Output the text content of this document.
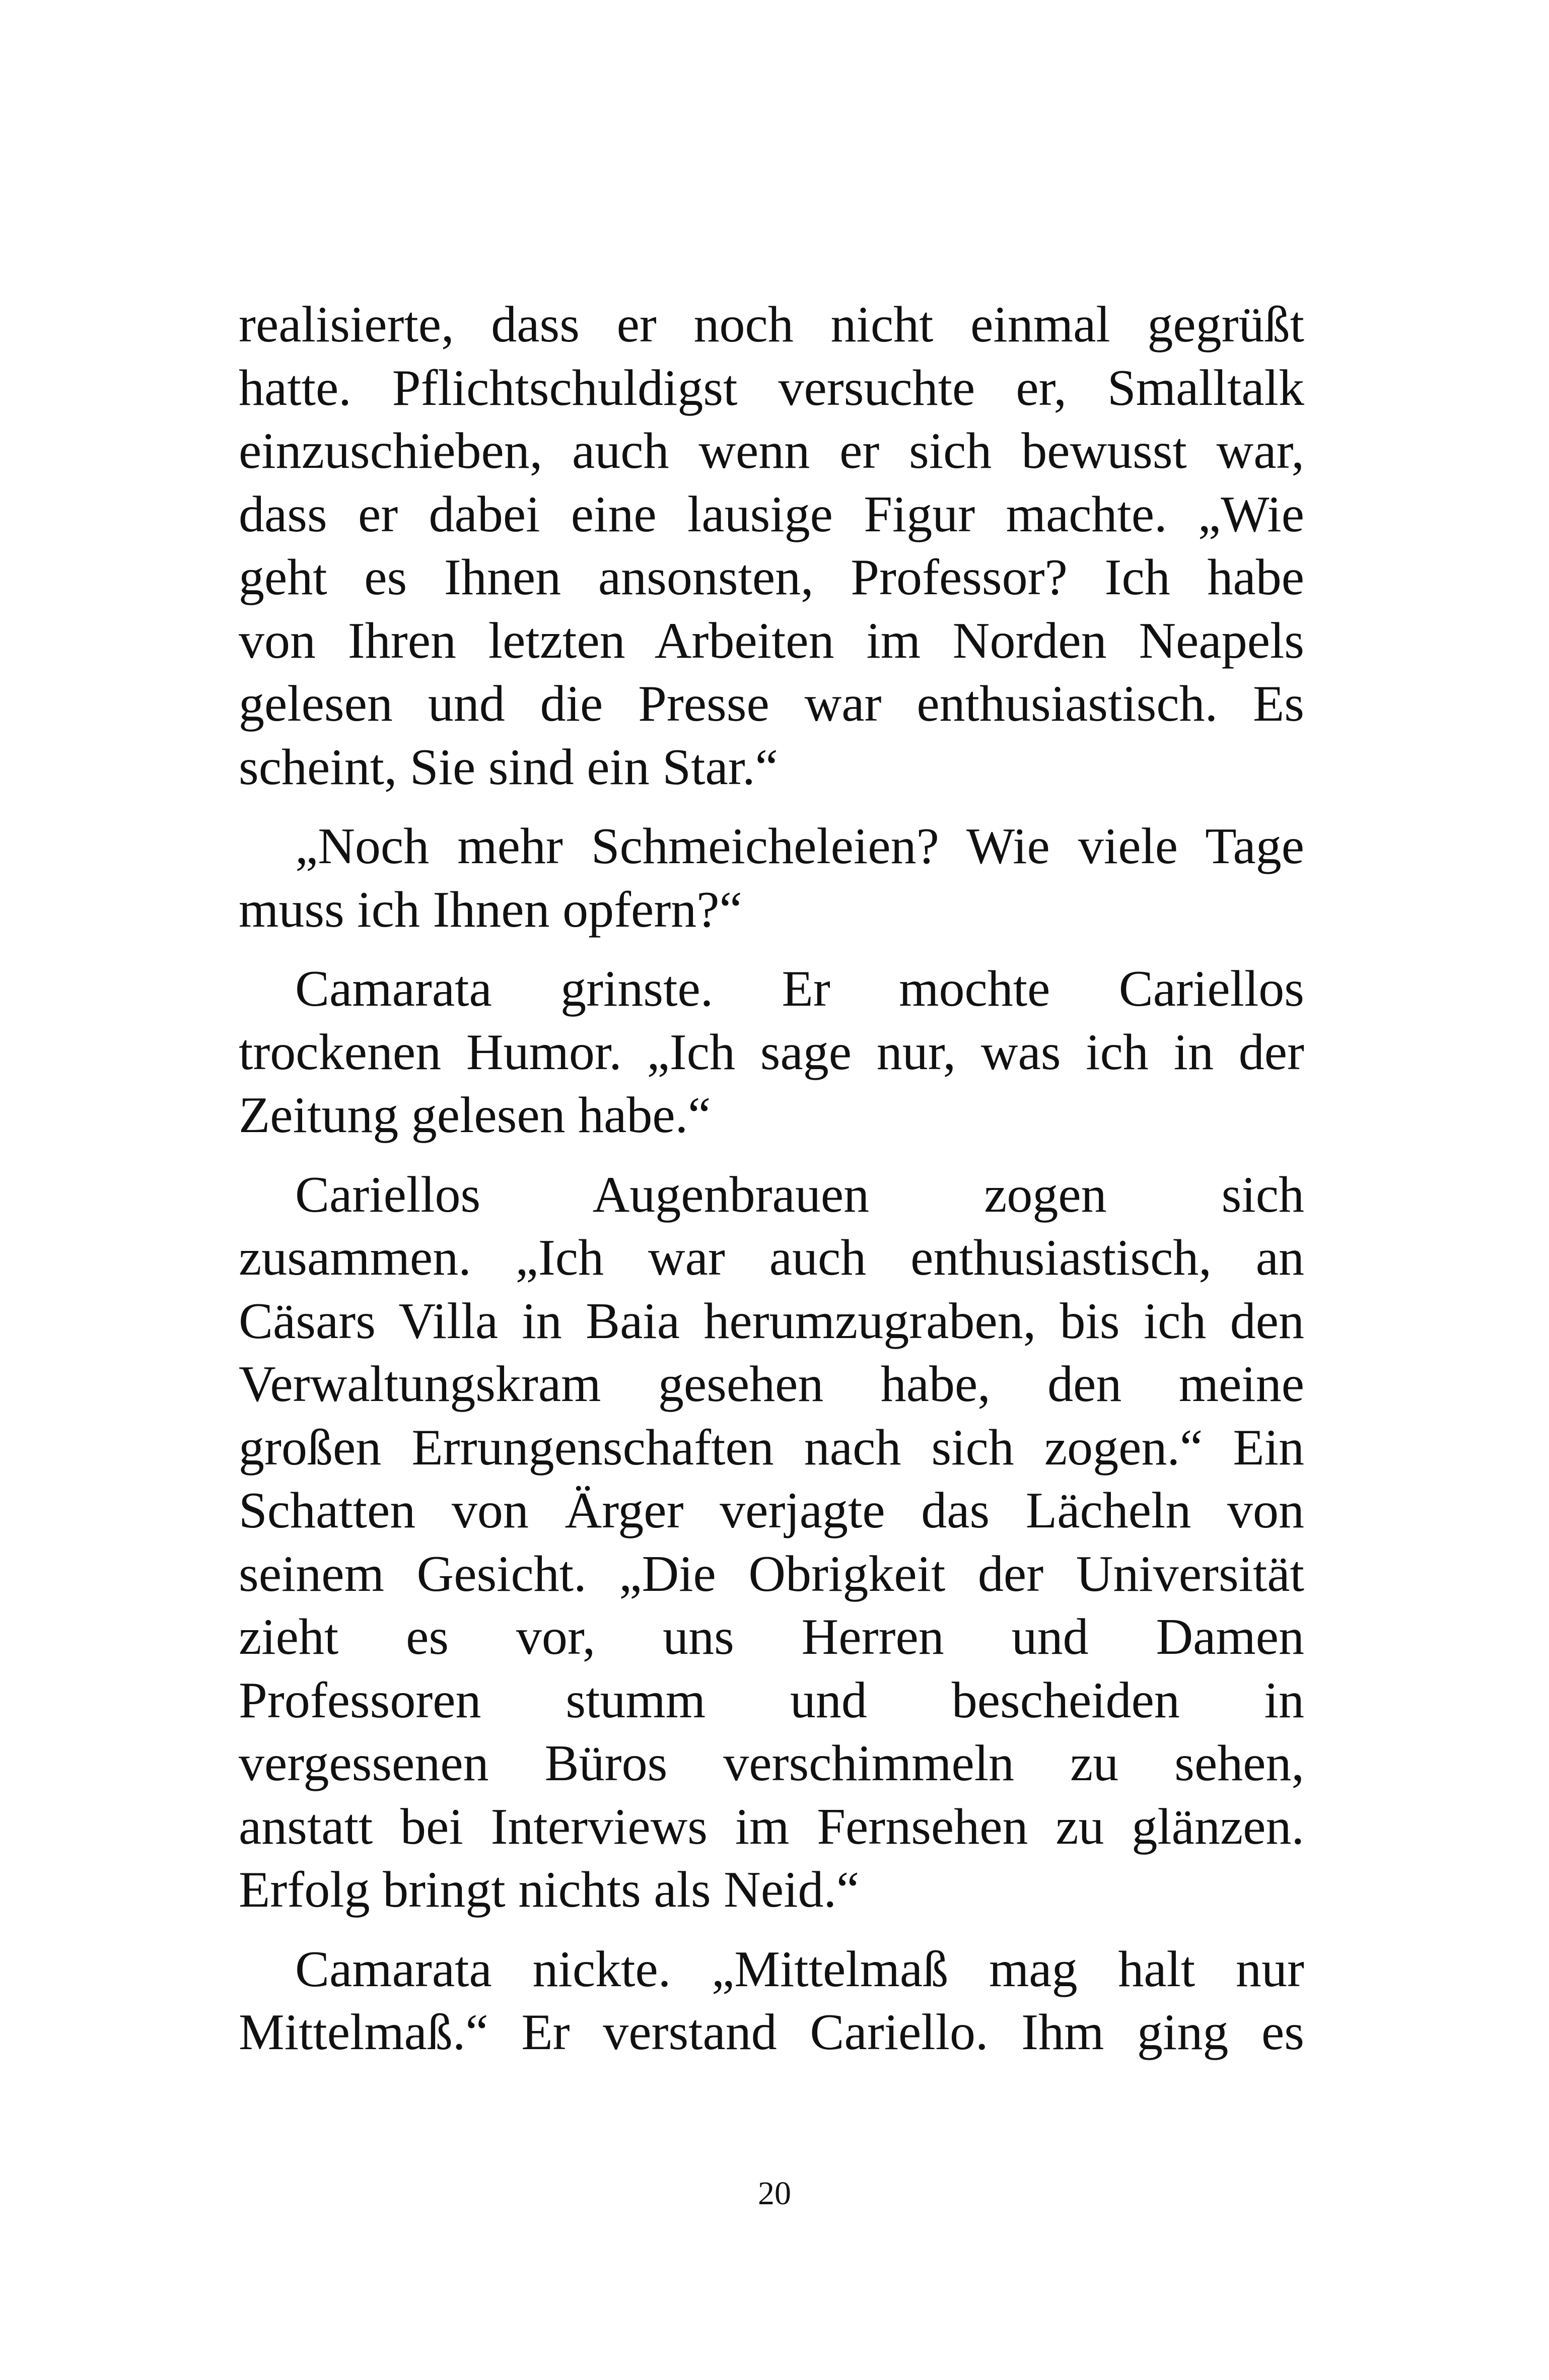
realisierte, dass er noch nicht einmal gegrüßt

hatte. Pflichtschuldigst versuchte er, Smalltalk

einzuschieben, auch wenn er sich bewusst war,

dass er dabei eine lausige Figur machte. „Wie

geht es Ihnen ansonsten, Professor? Ich habe

von Ihren letzten Arbeiten im Norden Neapels

gelesen und die Presse war enthusiastisch. Es

scheint, Sie sind ein Star.“

„Noch mehr Schmeicheleien? Wie viele Tage

muss ich Ihnen opfern?“

Camarata grinste. Er mochte Cariellos

trockenen Humor. „Ich sage nur, was ich in der

Zeitung gelesen habe.“

Cariellos Augenbrauen zogen sich

zusammen. „Ich war auch enthusiastisch, an

Cäsars Villa in Baia herumzugraben, bis ich den

Verwaltungskram gesehen habe, den meine

großen Errungenschaften nach sich zogen.“ Ein

Schatten von Ärger verjagte das Lächeln von

seinem Gesicht. „Die Obrigkeit der Universität

zieht es vor, uns Herren und Damen

Professoren stumm und bescheiden in

vergessenen Büros verschimmeln zu sehen,

anstatt bei Interviews im Fernsehen zu glänzen.

Erfolg bringt nichts als Neid.“

Camarata nickte. „Mittelmaß mag halt nur

Mittelmaß.“ Er verstand Cariello. Ihm ging es

20
